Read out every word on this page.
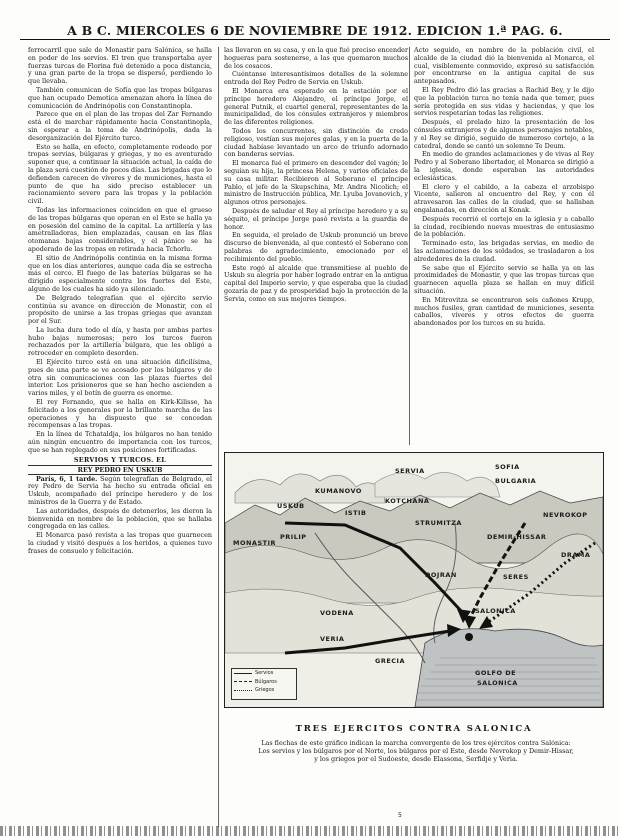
A B C. MIERCOLES 6 DE NOVIEMBRE DE 1912. EDICION 1.ª PAG. 6.

ferrocarril que sale de Monastir para Salónica, se halla en poder de los servios. El tren que transportaba ayer fuerzas turcas de Florina fué detenido a poca distancia, y una gran parte de la tropa se dispersó, perdiendo lo que llevaba.

También comunican de Sofía que las tropas búlgaras que han ocupado Demotica amenazan ahora la línea de comunicación de Andrinópolis con Constantinopla.

Parece que en el plan de las tropas del Zar Fernando está el de marchar rápidamente hacia Constantinopla, sin esperar a la toma de Andrinópolis, dada la desorganización del Ejército turco.

Esto se halla, en efecto, completamente rodeado por tropas servias, búlgaras y griegas, y no es aventurado suponer que, a continuar la situación actual, la caída de la plaza será cuestión de pocos días. Las brigadas que lo defienden carecen de víveres y de municiones, hasta el punto de que ha sido preciso establecer un racionamiento severo para las tropas y la población civil.

Todas las informaciones coinciden en que el grueso de las tropas búlgaras que operan en el Este se halla ya en posesión del camino de la capital. La artillería y las ametralladoras, bien emplazadas, causan en las filas otomanas bajas considerables, y el pánico se ha apoderado de las tropas en retirada hacia Tchorlu.

El sitio de Andrinópolis continúa en la misma forma que en los días anteriores, aunque cada día se estrecha más el cerco. El fuego de las baterías búlgaras se ha dirigido especialmente contra los fuertes del Este, alguno de los cuales ha sido ya silenciado.

De Belgrado telegrafían que el ejército servio continúa su avance en dirección de Monastir, con el propósito de unirse a las tropas griegas que avanzan por el Sur.

La lucha dura todo el día, y hasta por ambas partes hubo bajas numerosas; pero los turcos fueron rechazados por la artillería búlgara, que les obligó a retroceder en completo desorden.

El Ejército turco está en una situación dificilísima, pues de una parte se ve acosado por los búlgaros y de otra sin comunicaciones con las plazas fuertes del interior. Los prisioneros que se han hecho ascienden a varios miles, y el botín de guerra es enorme.

El rey Fernando, que se halla en Kirk-Kilisse, ha felicitado a los generales por la brillante marcha de las operaciones y ha dispuesto que se concedan recompensas a las tropas.

En la línea de Tchataldja, los búlgaros no han tenido aún ningún encuentro de importancia con los turcos, que se han replegado en sus posiciones fortificadas.

SERVIOS Y TURCOS. EL

REY PEDRO EN USKUB

París, 6, 1 tarde. Según telegrafían de Belgrado, el rey Pedro de Servia ha hecho su entrada oficial en Uskub, acompañado del príncipe heredero y de los ministros de la Guerra y de Estado.

Las autoridades, después de detenerlos, les dieron la bienvenida en nombre de la población, que se hallaba congregada en las calles.

El Monarca pasó revista a las tropas que guarnecen la ciudad y visitó después a los heridos, a quienes tuvo frases de consuelo y felicitación.

las llevaron en su casa, y en la que fué preciso encender hogueras para sostenerse, a las que quemaron muchos de los cosacos.

Cuéntanse interesantísimos detalles de la solemne entrada del Rey Pedro de Servia en Uskub.

El Monarca era esperado en la estación por el príncipe heredero Alejandro, el príncipe Jorge, el general Putnik, el cuartel general, representantes de la municipalidad, de los cónsules extranjeros y miembros de las diferentes religiones.

Todos los concurrentes, sin distinción de credo religioso, vestían sus mejores galas, y en la puerta de la ciudad habíase levantado un arco de triunfo adornado con banderas servias.

El monarca fué el primero en descender del vagón; le seguían su hija, la princesa Helena, y varios oficiales de su casa militar. Recibieron al Soberano el príncipe Pablo, el jefe de la Skupschina, Mr. Andra Nicolich; el ministro de Instrucción pública, Mr. Lyuba Jovanovich, y algunos otros personajes.

Después de saludar el Rey al príncipe heredero y a su séquito, el príncipe Jorge pasó revista a la guardia de honor.

En seguida, el prelado de Uskub pronunció un breve discurso de bienvenida, al que contestó el Soberano con palabras de agradecimiento, emocionado por el recibimiento del pueblo.

Este rogó al alcalde que transmitiese al pueblo de Uskub su alegría por haber logrado entrar en la antigua capital del Imperio servio, y que esperaba que la ciudad gozaría de paz y de prosperidad bajo la protección de la Servia, como en sus mejores tiempos.

Acto seguido, en nombre de la población civil, el alcalde de la ciudad dió la bienvenida al Monarca, el cual, visiblemente conmovido, expresó su satisfacción por encontrarse en la antigua capital de sus antepasados.

El Rey Pedro dió las gracias a Rachid Bey, y le dijo que la población turca no tenía nada que temer, pues sería protegida en sus vidas y haciendas, y que los servios respetarían todas las religiones.

Después, el prelado hizo la presentación de los cónsules extranjeros y de algunos personajes notables, y el Rey se dirigió, seguido de numeroso cortejo, a la catedral, donde se cantó un solemne Te Deum.

En medio de grandes aclamaciones y de vivas al Rey Pedro y al Soberano libertador, el Monarca se dirigió a la iglesia, donde esperaban las autoridades eclesiásticas.

El clero y el cabildo, a la cabeza el arzobispo Vicente, salieron al encuentro del Rey, y con él atravesaron las calles de la ciudad, que se hallaban engalanadas, en dirección al Konak.

Después recorrió el cortejo en la iglesia y a caballo la ciudad, recibiendo nuevas muestras de entusiasmo de la población.

Terminado esto, las brigadas servias, en medio de las aclamaciones de los soldados, se trasladaron a los alrededores de la ciudad.

Se sabe que el Ejército servio se halla ya en las proximidades de Monastir, y que las tropas turcas que guarnecen aquella plaza se hallan en muy difícil situación.

En Mitrovitza se encontraron seis cañones Krupp, muchos fusiles, gran cantidad de municiones, sesenta caballos, víveres y otros efectos de guerra abandonados por los turcos en su huída.

SERVIA	SOFIA
BULGARIA
USKUB
KUMANOVO
ISTIB
KOTCHANA
STRUMITZA
MONASTIR
PRILIP
DOJRAN
NEVROKOP
DRAMA
DEMIR-HISSAR
SERES
SALONICA
VODENA
VERIA
GRECIA
GOLFO DE
SALONICA
Servios
Búlgaros
Griegos
TRES EJERCITOS CONTRA SALONICA
Las flechas de este gráfico indican la marcha convergente de los tres ejércitos contra Salónica:
Los servios y los búlgaros por el Norte, los búlgaros por el Este, desde Nevrokop y Demir-Hissar,
y los griegos por el Sudoeste, desde Elassona, Serfidje y Veria.
5
